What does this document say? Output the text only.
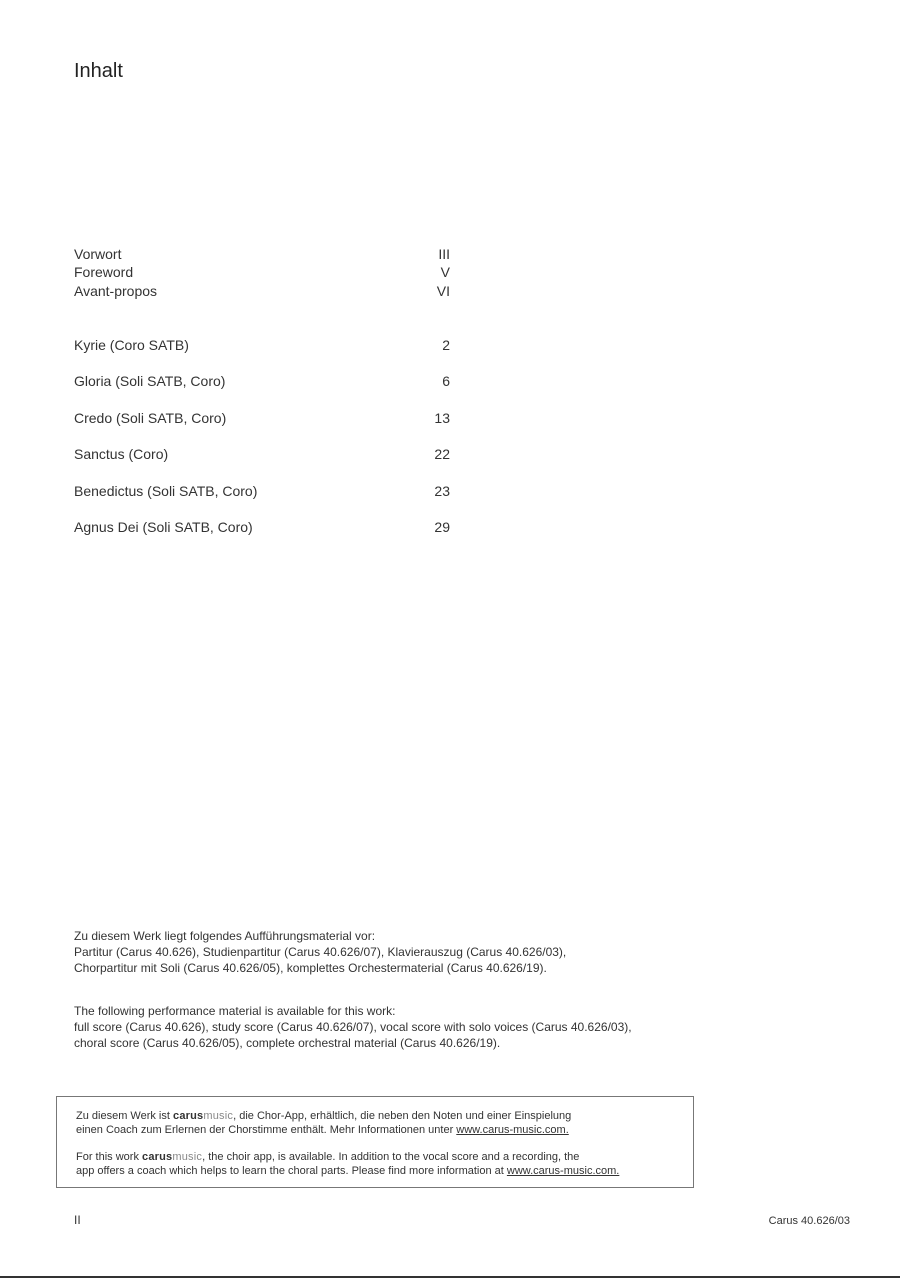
Inhalt
Vorwort	III
Foreword	V
Avant-propos	VI
Kyrie (Coro SATB)	2
Gloria (Soli SATB, Coro)	6
Credo (Soli SATB, Coro)	13
Sanctus (Coro)	22
Benedictus (Soli SATB, Coro)	23
Agnus Dei (Soli SATB, Coro)	29
Zu diesem Werk liegt folgendes Aufführungsmaterial vor:
Partitur (Carus 40.626), Studienpartitur (Carus 40.626/07), Klavierauszug (Carus 40.626/03),
Chorpartitur mit Soli (Carus 40.626/05), komplettes Orchestermaterial (Carus 40.626/19).
The following performance material is available for this work:
full score (Carus 40.626), study score (Carus 40.626/07), vocal score with solo voices (Carus 40.626/03),
choral score (Carus 40.626/05), complete orchestral material (Carus 40.626/19).
Zu diesem Werk ist carusmusic, die Chor-App, erhältlich, die neben den Noten und einer Einspielung
einen Coach zum Erlernen der Chorstimme enthält. Mehr Informationen unter www.carus-music.com.
For this work carusmusic, the choir app, is available. In addition to the vocal score and a recording, the
app offers a coach which helps to learn the choral parts. Please find more information at www.carus-music.com.
II	Carus 40.626/03
